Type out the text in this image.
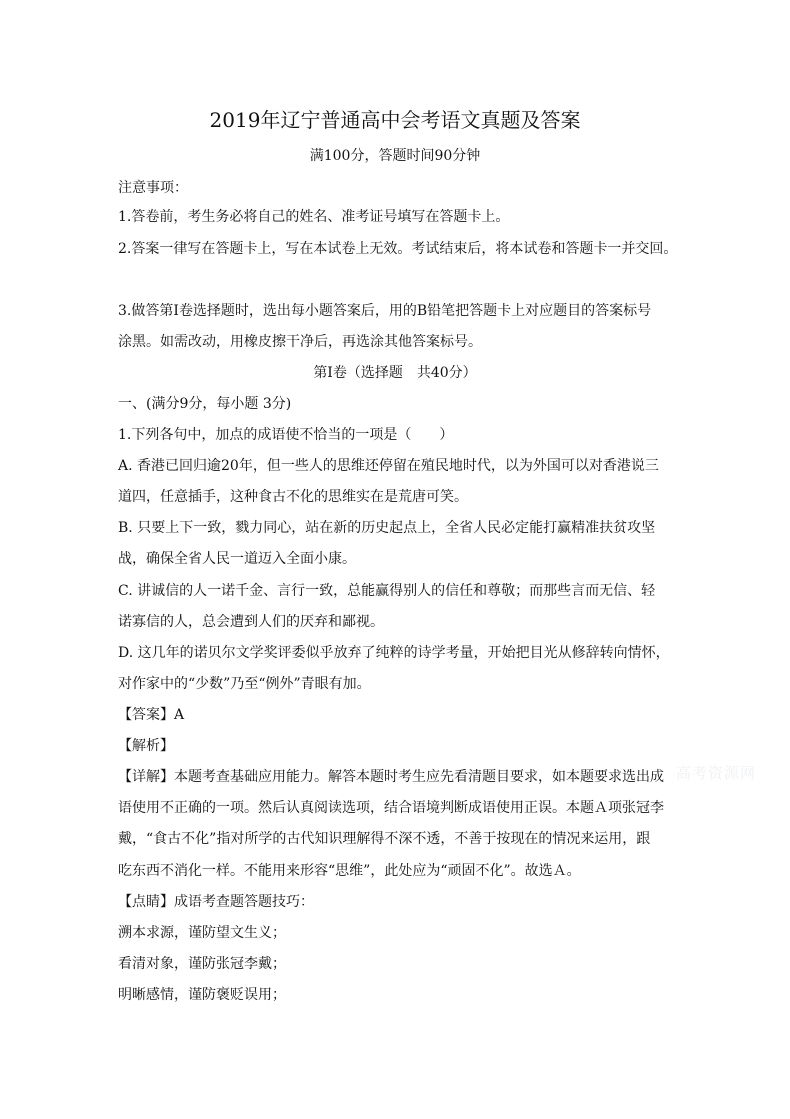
2019年辽宁普通高中会考语文真题及答案
满100分，答题时间90分钟
注意事项：
1.答卷前，考生务必将自己的姓名、准考证号填写在答题卡上。
2.答案一律写在答题卡上，写在本试卷上无效。考试结束后，将本试卷和答题卡一并交回。
3.做答第Ⅰ卷选择题时，选出每小题答案后，用的B铅笔把答题卡上对应题目的答案标号
涂黑。如需改动，用橡皮擦干净后，再选涂其他答案标号。
第Ⅰ卷（选择题　共40分）
一、(满分9分，每小题 3分)
1.下列各句中，加点的成语使不恰当的一项是（　　）
A. 香港已回归逾20年，但一些人的思维还停留在殖民地时代，以为外国可以对香港说三
道四，任意插手，这种食古不化的思维实在是荒唐可笑。
B. 只要上下一致，戮力同心，站在新的历史起点上，全省人民必定能打赢精准扶贫攻坚
战，确保全省人民一道迈入全面小康。
C. 讲诚信的人一诺千金、言行一致，总能赢得别人的信任和尊敬；而那些言而无信、轻
诺寡信的人，总会遭到人们的厌弃和鄙视。
D. 这几年的诺贝尔文学奖评委似乎放弃了纯粹的诗学考量，开始把目光从修辞转向情怀，
对作家中的“少数”乃至“例外”青眼有加。
【答案】A
【解析】
【详解】本题考查基础应用能力。解答本题时考生应先看清题目要求，如本题要求选出成
语使用不正确的一项。然后认真阅读选项，结合语境判断成语使用正误。本题Ａ项张冠李
戴，“食古不化”指对所学的古代知识理解得不深不透，不善于按现在的情况来运用，跟
吃东西不消化一样。不能用来形容“思维”，此处应为“顽固不化”。故选Ａ。
【点睛】成语考查题答题技巧：
溯本求源，谨防望文生义；
看清对象，谨防张冠李戴；
明晰感情，谨防褒贬误用；
高考资源网
